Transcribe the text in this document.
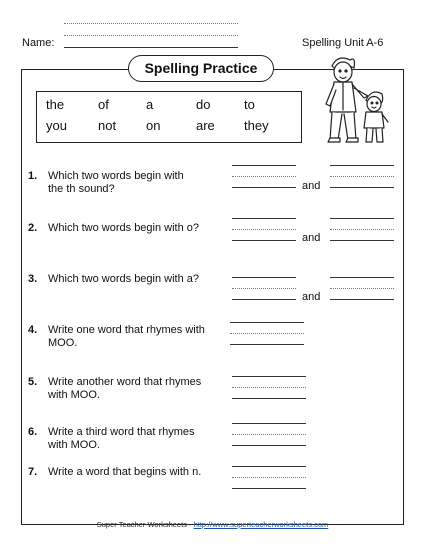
Name:	Spelling Unit A-6
Spelling Practice
the	of	a	do	to
you not on	are they
1. Which two words begin with
the th sound?	and
2. Which two words begin with o?
and
3. Which two words begin with a?
and
4. Write one word that rhymes with
MOO.
5. Write another word that rhymes
with MOO.
6. Write a third word that rhymes
with MOO.
7. Write a word that begins with n.
Super Teacher Worksheets - http://www.superteacherworksheets.com
